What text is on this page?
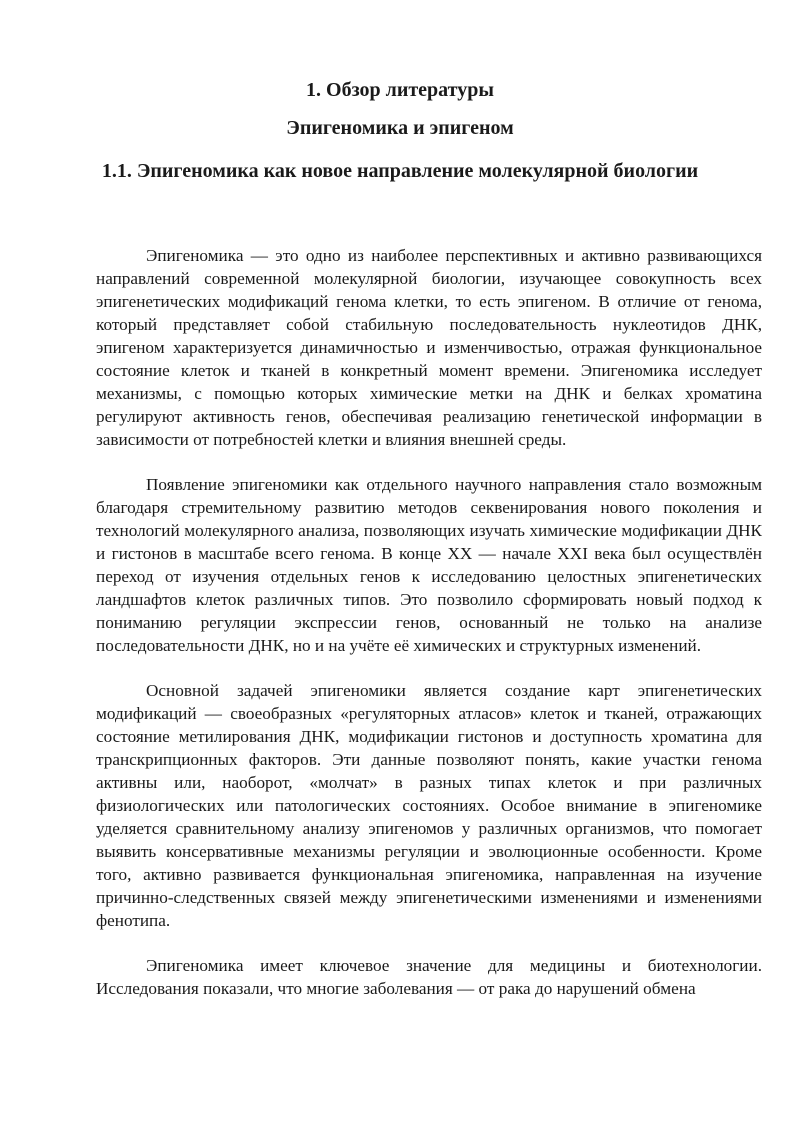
1. Обзор литературы
Эпигеномика и эпигеном
1.1. Эпигеномика как новое направление молекулярной биологии

Эпигеномика — это одно из наиболее перспективных и активно развивающихся направлений современной молекулярной биологии, изучающее совокупность всех эпигенетических модификаций генома клетки, то есть эпигеном. В отличие от генома, который представляет собой стабильную последовательность нуклеотидов ДНК, эпигеном характеризуется динамичностью и изменчивостью, отражая функциональное состояние клеток и тканей в конкретный момент времени. Эпигеномика исследует механизмы, с помощью которых химические метки на ДНК и белках хроматина регулируют активность генов, обеспечивая реализацию генетической информации в зависимости от потребностей клетки и влияния внешней среды.

Появление эпигеномики как отдельного научного направления стало возможным благодаря стремительному развитию методов секвенирования нового поколения и технологий молекулярного анализа, позволяющих изучать химические модификации ДНК и гистонов в масштабе всего генома. В конце XX — начале XXI века был осуществлён переход от изучения отдельных генов к исследованию целостных эпигенетических ландшафтов клеток различных типов. Это позволило сформировать новый подход к пониманию регуляции экспрессии генов, основанный не только на анализе последовательности ДНК, но и на учёте её химических и структурных изменений.

Основной задачей эпигеномики является создание карт эпигенетических модификаций — своеобразных «регуляторных атласов» клеток и тканей, отражающих состояние метилирования ДНК, модификации гистонов и доступность хроматина для транскрипционных факторов. Эти данные позволяют понять, какие участки генома активны или, наоборот, «молчат» в разных типах клеток и при различных физиологических или патологических состояниях. Особое внимание в эпигеномике уделяется сравнительному анализу эпигеномов у различных организмов, что помогает выявить консервативные механизмы регуляции и эволюционные особенности. Кроме того, активно развивается функциональная эпигеномика, направленная на изучение причинно-следственных связей между эпигенетическими изменениями и изменениями фенотипа.

Эпигеномика имеет ключевое значение для медицины и биотехнологии. Исследования показали, что многие заболевания — от рака до нарушений обмена
